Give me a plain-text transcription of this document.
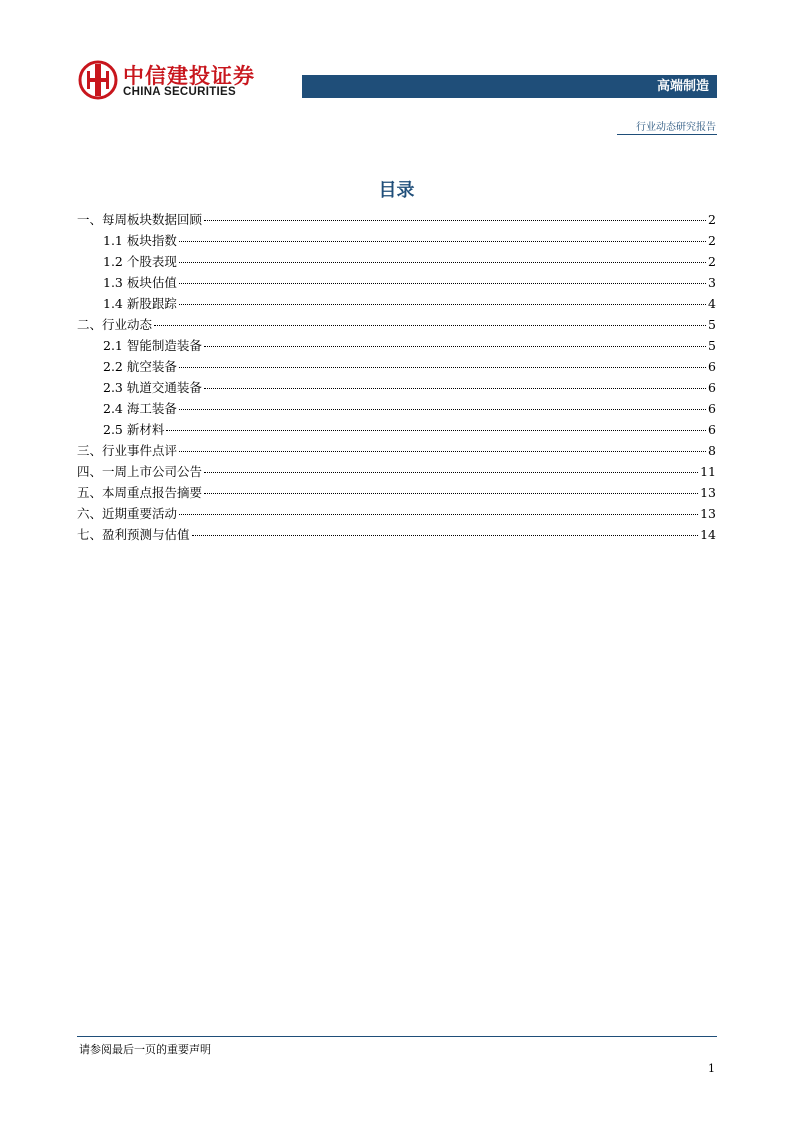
中信建投证券
CHINA SECURITIES	高端制造
行业动态研究报告
目录
一、每周板块数据回顾	2
1.1 板块指数	2
1.2 个股表现	2
1.3 板块估值	3
1.4 新股跟踪	4
二、行业动态	5
2.1 智能制造装备	5
2.2 航空装备	6
2.3 轨道交通装备	6
2.4 海工装备	6
2.5 新材料	6
三、行业事件点评	8
四、一周上市公司公告	11
五、本周重点报告摘要	13
六、近期重要活动	13
七、盈利预测与估值	14
请参阅最后一页的重要声明
1
